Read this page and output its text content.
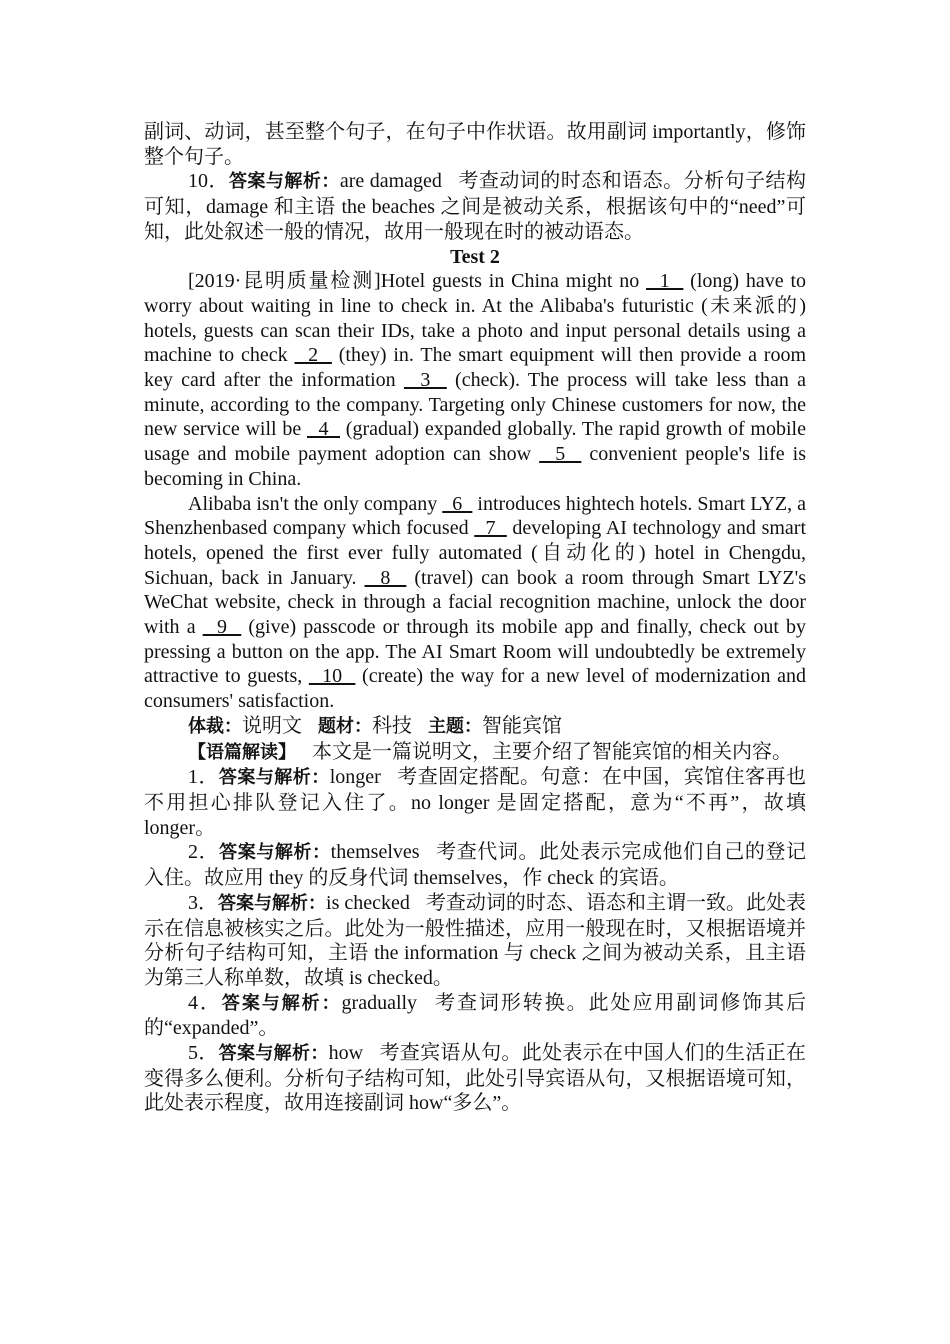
副词、动词，甚至整个句子，在句子中作状语。故用副词 importantly，修饰整个句子。

10．答案与解析：are damaged 考查动词的时态和语态。分析句子结构可知，damage 和主语 the beaches 之间是被动关系，根据该句中的“need”可知，此处叙述一般的情况，故用一般现在时的被动语态。

Test 2

[2019·昆明质量检测]Hotel guests in China might no   1   (long) have to worry about waiting in line to check in. At the Alibaba's futuristic (未来派的) hotels, guests can scan their IDs, take a photo and input personal details using a machine to check   2   (they) in. The smart equipment will then provide a room key card after the information   3   (check). The process will take less than a minute, according to the company. Targeting only Chinese customers for now, the new service will be   4   (gradual) expanded globally. The rapid growth of mobile usage and mobile payment adoption can show   5   convenient people's life is becoming in China.

Alibaba isn't the only company   6   introduces hightech hotels. Smart LYZ, a Shenzhenbased company which focused   7   developing AI technology and smart hotels, opened the first ever fully automated (自动化的) hotel in Chengdu, Sichuan, back in January.   8   (travel) can book a room through Smart LYZ's WeChat website, check in through a facial recognition machine, unlock the door with a   9   (give) passcode or through its mobile app and finally, check out by pressing a button on the app. The AI Smart Room will undoubtedly be extremely attractive to guests,   10   (create) the way for a new level of modernization and consumers' satisfaction.

体裁：说明文 题材：科技 主题：智能宾馆

【语篇解读】 本文是一篇说明文，主要介绍了智能宾馆的相关内容。

1．答案与解析：longer 考查固定搭配。句意：在中国，宾馆住客再也不用担心排队登记入住了。no longer 是固定搭配，意为“不再”，故填 longer。

2．答案与解析：themselves 考查代词。此处表示完成他们自己的登记入住。故应用 they 的反身代词 themselves，作 check 的宾语。

3．答案与解析：is checked 考查动词的时态、语态和主谓一致。此处表示在信息被核实之后。此处为一般性描述，应用一般现在时，又根据语境并分析句子结构可知，主语 the information 与 check 之间为被动关系，且主语为第三人称单数，故填 is checked。

4．答案与解析：gradually 考查词形转换。此处应用副词修饰其后的“expanded”。

5．答案与解析：how 考查宾语从句。此处表示在中国人们的生活正在变得多么便利。分析句子结构可知，此处引导宾语从句，又根据语境可知，此处表示程度，故用连接副词 how“多么”。
